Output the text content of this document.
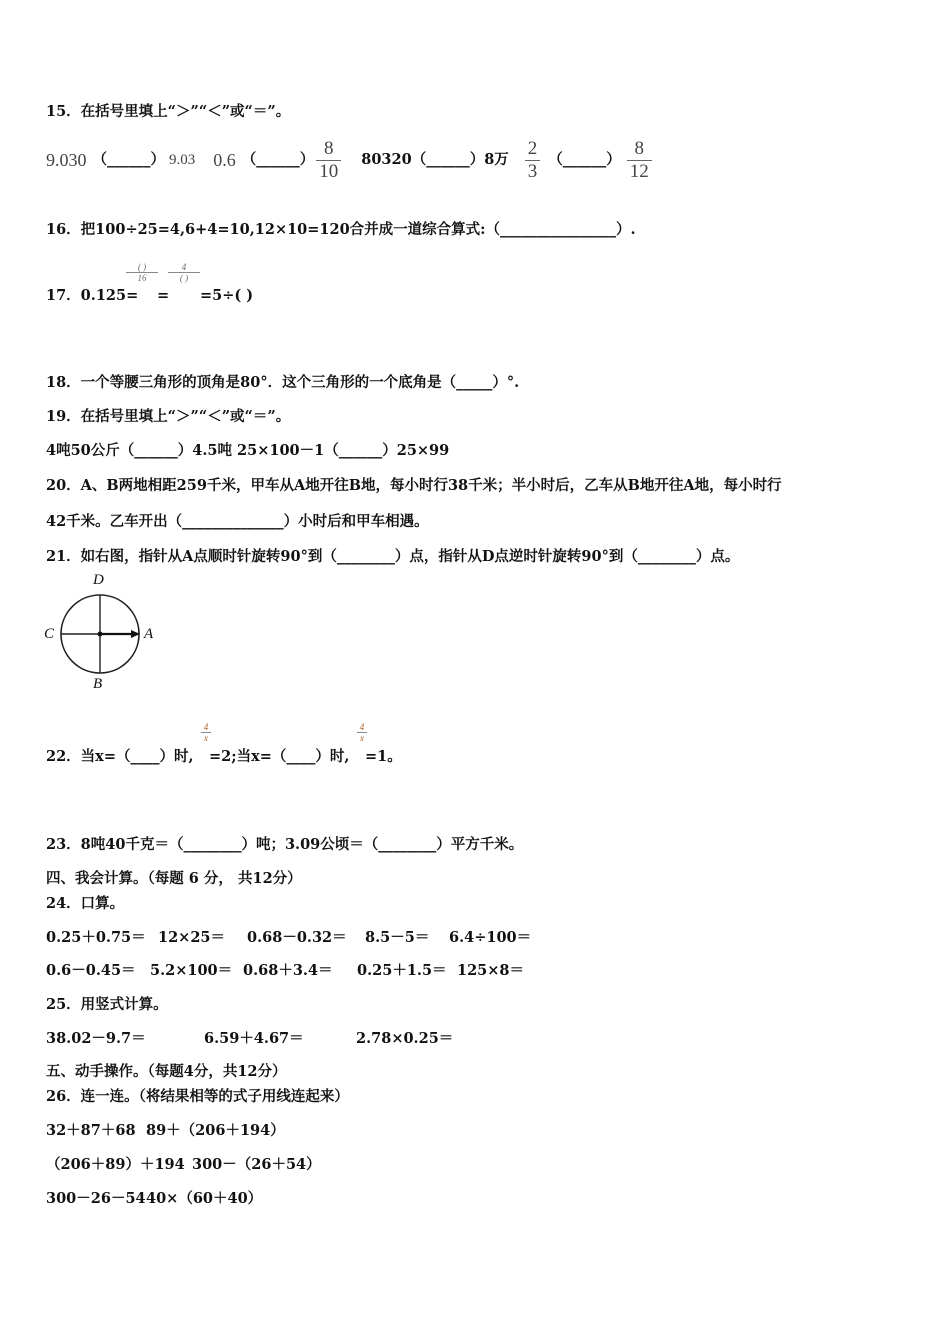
15．在括号里填上“＞”“＜”或“＝”。
9.030 （______） 9.03 0.6 （______） $\frac{8}{10} 80320$ （______） 8万 $\frac{2}{3}$ （______） $\frac{8}{12}$
16．把100÷25=4,6+4=10,12×10=120合并成一道综合算式:（________________）.
( )
16
4
( )
17．0.125= = =5÷( )
18．一个等腰三角形的顶角是80°．这个三角形的一个底角是（_____）°.
19．在括号里填上“＞”“＜”或“＝”。
4吨50公斤（______）4.5吨 25×100－1（______）25×99
20．A、B两地相距259千米，甲车从A地开往B地，每小时行38千米；半小时后，乙车从B地开往A地，每小时行
42千米。乙车开出（______________）小时后和甲车相遇。
21．如右图，指针从A点顺时针旋转90°到（________）点，指针从D点逆时针旋转90°到（________）点。
D
C	A
B
4
x
4
x
22．当x=（____）时, =2;当x=（____）时, =1。
23．8吨40千克＝（________）吨；3.09公顷＝（________）平方千米。
四、我会计算。（每题 6 分， 共12分）
24．口算。
0.25＋0.75＝ 12×25＝ 0.68－0.32＝ 8.5－5＝ 6.4÷100＝
0.6－0.45＝ 5.2×100＝ 0.68＋3.4＝ 0.25＋1.5＝ 125×8＝
25．用竖式计算。
38.02－9.7＝	6.59＋4.67＝	2.78×0.25＝
五、动手操作。（每题4分，共12分）
26．连一连。（将结果相等的式子用线连起来）
32＋87＋68 89＋（206＋194）
（206＋89）＋194 300－（26＋54）
300－26－54 40×（60＋40）
